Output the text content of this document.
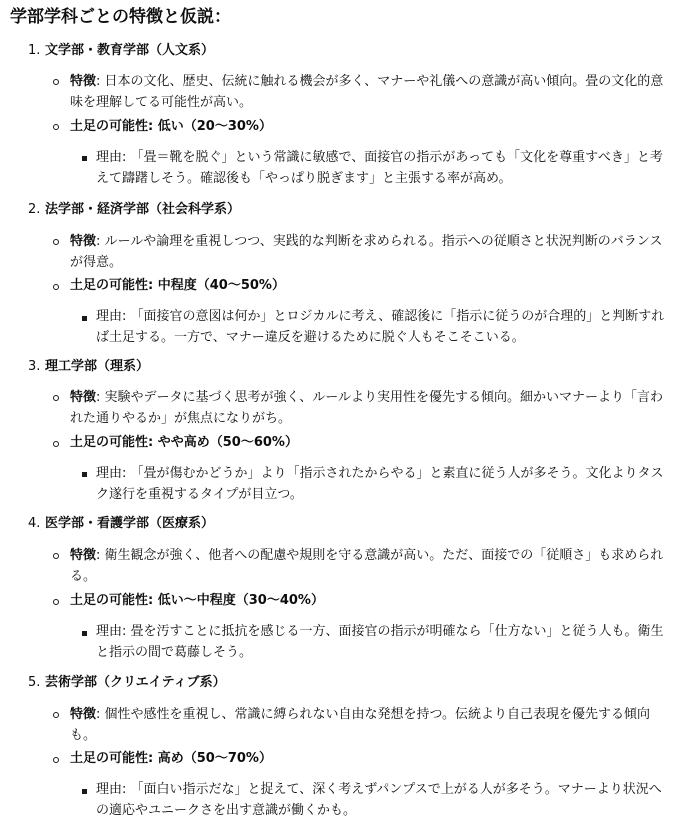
学部学科ごとの特徴と仮説：
1. 文学部・教育学部（人文系）
特徴: 日本の文化、歴史、伝統に触れる機会が多く、マナーや礼儀への意識が高い傾向。畳の文化的意味を理解してる可能性が高い。
土足の可能性: 低い（20〜30%）
理由: 「畳＝靴を脱ぐ」という常識に敏感で、面接官の指示があっても「文化を尊重すべき」と考えて躊躇しそう。確認後も「やっぱり脱ぎます」と主張する率が高め。
2. 法学部・経済学部（社会科学系）
特徴: ルールや論理を重視しつつ、実践的な判断を求められる。指示への従順さと状況判断のバランスが得意。
土足の可能性: 中程度（40〜50%）
理由: 「面接官の意図は何か」とロジカルに考え、確認後に「指示に従うのが合理的」と判断すれば土足する。一方で、マナー違反を避けるために脱ぐ人もそこそこいる。
3. 理工学部（理系）
特徴: 実験やデータに基づく思考が強く、ルールより実用性を優先する傾向。細かいマナーより「言われた通りやるか」が焦点になりがち。
土足の可能性: やや高め（50〜60%）
理由: 「畳が傷むかどうか」より「指示されたからやる」と素直に従う人が多そう。文化よりタスク遂行を重視するタイプが目立つ。
4. 医学部・看護学部（医療系）
特徴: 衛生観念が強く、他者への配慮や規則を守る意識が高い。ただ、面接での「従順さ」も求められる。
土足の可能性: 低い〜中程度（30〜40%）
理由: 畳を汚すことに抵抗を感じる一方、面接官の指示が明確なら「仕方ない」と従う人も。衛生と指示の間で葛藤しそう。
5. 芸術学部（クリエイティブ系）
特徴: 個性や感性を重視し、常識に縛られない自由な発想を持つ。伝統より自己表現を優先する傾向も。
土足の可能性: 高め（50〜70%）
理由: 「面白い指示だな」と捉えて、深く考えずパンプスで上がる人が多そう。マナーより状況への適応やユニークさを出す意識が働くかも。
